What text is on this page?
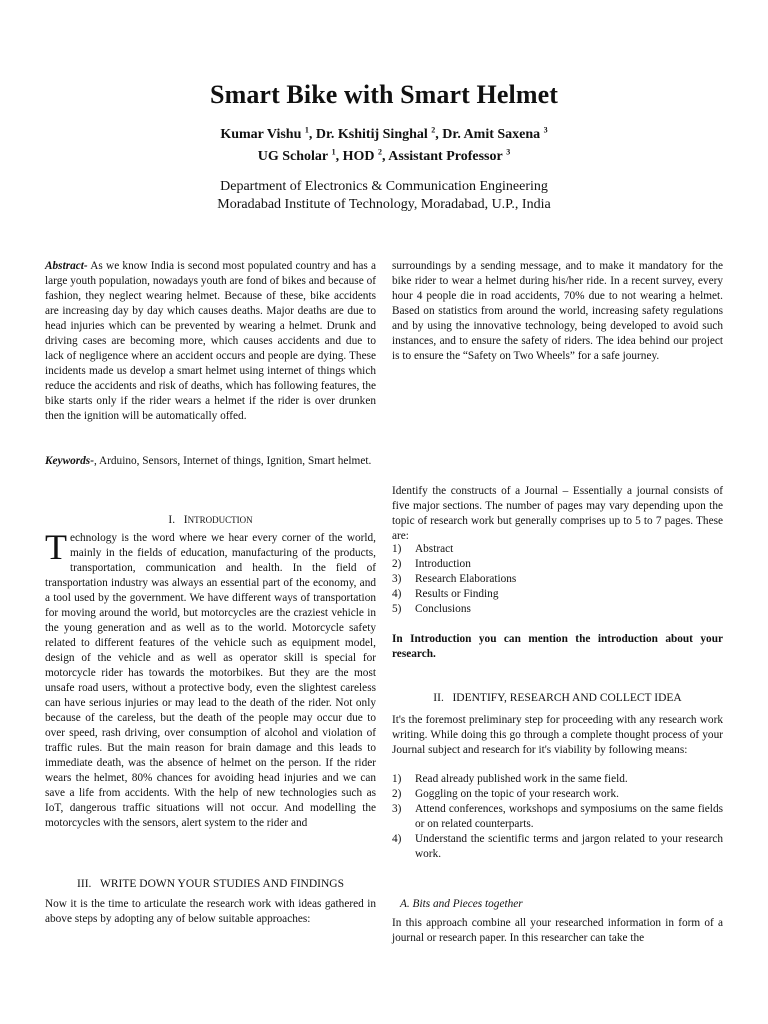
Smart Bike with Smart Helmet
Kumar Vishu $^1$, Dr. Kshitij Singhal $^2$, Dr. Amit Saxena $^3$
UG Scholar $^1$, HOD $^2$, Assistant Professor $^3$
Department of Electronics & Communication Engineering
Moradabad Institute of Technology, Moradabad, U.P., India
Abstract- As we know India is second most populated country and has a large youth population, nowadays youth are fond of bikes and because of fashion, they neglect wearing helmet. Because of these, bike accidents are increasing day by day which causes deaths. Major deaths are due to head injuries which can be prevented by wearing a helmet. Drunk and driving cases are becoming more, which causes accidents and due to lack of negligence where an accident occurs and people are dying. These incidents made us develop a smart helmet using internet of things which reduce the accidents and risk of deaths, which has following features, the bike starts only if the rider wears a helmet if the rider is over drunken then the ignition will be automatically offed.
Keywords-, Arduino, Sensors, Internet of things, Ignition, Smart helmet.
I. INTRODUCTION
Technology is the word where we hear every corner of the world, mainly in the fields of education, manufacturing of the products, transportation, communication and health. In the field of transportation industry was always an essential part of the economy, and a tool used by the government. We have different ways of transportation for moving around the world, but motorcycles are the craziest vehicle in the young generation and as well as to the world. Motorcycle safety related to different features of the vehicle such as equipment model, design of the vehicle and as well as operator skill is special for motorcycle rider has towards the motorbikes. But they are the most unsafe road users, without a protective body, even the slightest careless can have serious injuries or may lead to the death of the rider. Not only because of the careless, but the death of the people may occur due to over speed, rash driving, over consumption of alcohol and violation of traffic rules. But the main reason for brain damage and this leads to immediate death, was the absence of helmet on the person. If the rider wears the helmet, 80% chances for avoiding head injuries and we can save a life from accidents. With the help of new technologies such as IoT, dangerous traffic situations will not occur. And modelling the motorcycles with the sensors, alert system to the rider and
III. WRITE DOWN YOUR STUDIES AND FINDINGS
Now it is the time to articulate the research work with ideas gathered in above steps by adopting any of below suitable approaches:
surroundings by a sending message, and to make it mandatory for the bike rider to wear a helmet during his/her ride. In a recent survey, every hour 4 people die in road accidents, 70% due to not wearing a helmet. Based on statistics from around the world, increasing safety regulations and by using the innovative technology, being developed to avoid such instances, and to ensure the safety of riders. The idea behind our project is to ensure the “Safety on Two Wheels” for a safe journey.
Identify the constructs of a Journal – Essentially a journal consists of five major sections. The number of pages may vary depending upon the topic of research work but generally comprises up to 5 to 7 pages. These are:
1)	Abstract
2)	Introduction
3)	Research Elaborations
4)	Results or Finding
5)	Conclusions
In Introduction you can mention the introduction about your research.
II. IDENTIFY, RESEARCH AND COLLECT IDEA
It's the foremost preliminary step for proceeding with any research work writing. While doing this go through a complete thought process of your Journal subject and research for it's viability by following means:
1)	Read already published work in the same field.
2)	Goggling on the topic of your research work.
3)	Attend conferences, workshops and symposiums on the same fields or on related counterparts.
4)	Understand the scientific terms and jargon related to your research work.
A. Bits and Pieces together
In this approach combine all your researched information in form of a journal or research paper. In this researcher can take the
